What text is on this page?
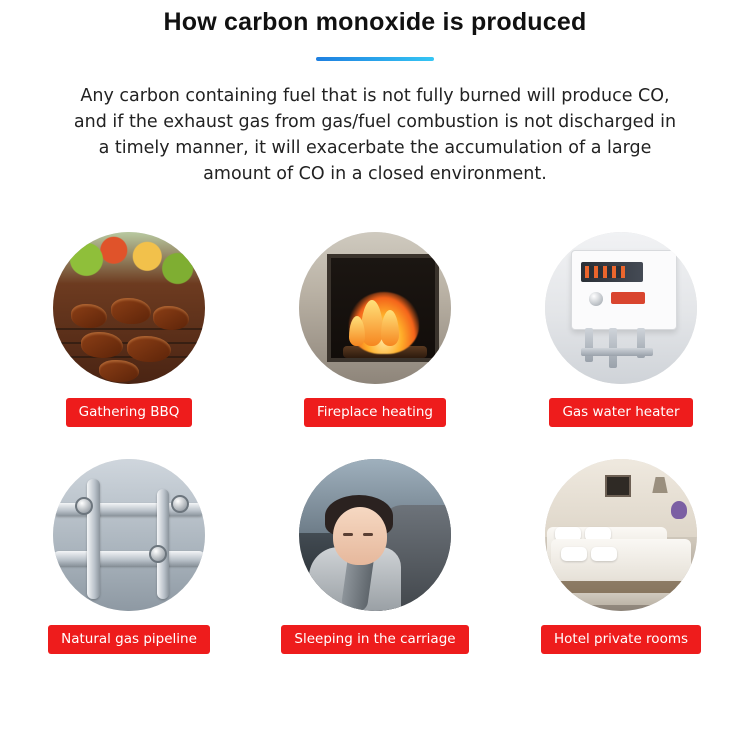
How carbon monoxide is produced

Any carbon containing fuel that is not fully burned will produce CO, and if the exhaust gas from gas/fuel combustion is not discharged in a timely manner, it will exacerbate the accumulation of a large amount of CO in a closed environment.

Gathering BBQ	Fireplace heating	Gas water heater
Natural gas pipeline	Sleeping in the carriage	Hotel private rooms
